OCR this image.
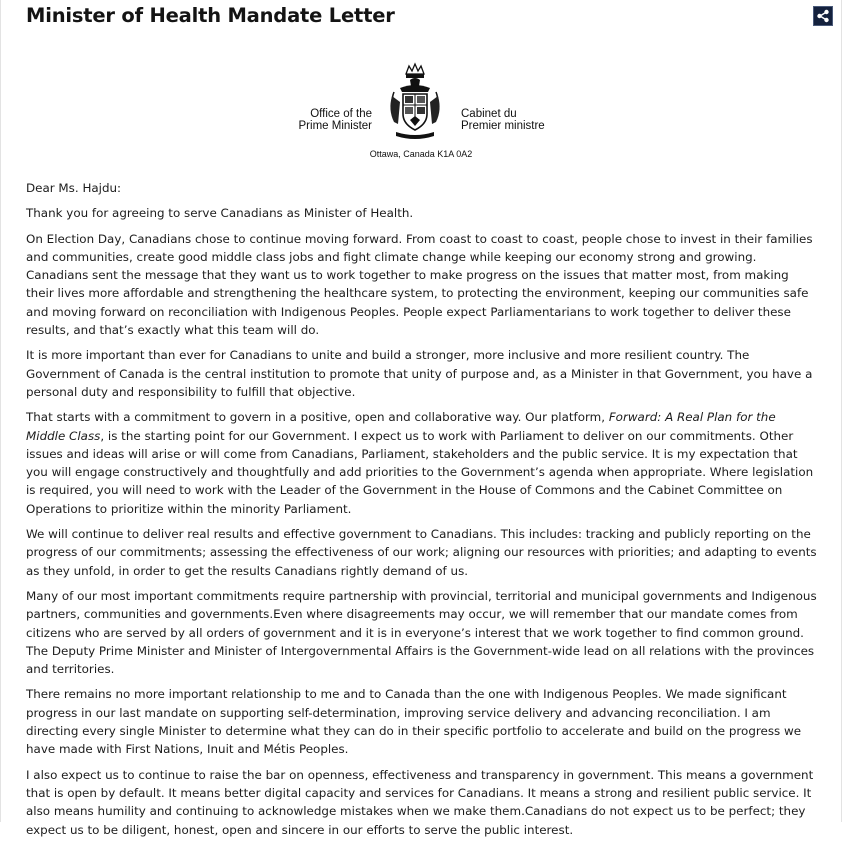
Minister of Health Mandate Letter
Office of the
Prime Minister
Cabinet du
Premier ministre
Ottawa, Canada K1A 0A2

Dear Ms. Hajdu:

Thank you for agreeing to serve Canadians as Minister of Health.

On Election Day, Canadians chose to continue moving forward. From coast to coast to coast, people chose to invest in their families and communities, create good middle class jobs and fight climate change while keeping our economy strong and growing. Canadians sent the message that they want us to work together to make progress on the issues that matter most, from making their lives more affordable and strengthening the healthcare system, to protecting the environment, keeping our communities safe and moving forward on reconciliation with Indigenous Peoples. People expect Parliamentarians to work together to deliver these results, and that’s exactly what this team will do.

It is more important than ever for Canadians to unite and build a stronger, more inclusive and more resilient country. The Government of Canada is the central institution to promote that unity of purpose and, as a Minister in that Government, you have a personal duty and responsibility to fulfill that objective.

That starts with a commitment to govern in a positive, open and collaborative way. Our platform, Forward: A Real Plan for the Middle Class, is the starting point for our Government. I expect us to work with Parliament to deliver on our commitments. Other issues and ideas will arise or will come from Canadians, Parliament, stakeholders and the public service. It is my expectation that you will engage constructively and thoughtfully and add priorities to the Government’s agenda when appropriate. Where legislation is required, you will need to work with the Leader of the Government in the House of Commons and the Cabinet Committee on Operations to prioritize within the minority Parliament.

We will continue to deliver real results and effective government to Canadians. This includes: tracking and publicly reporting on the progress of our commitments; assessing the effectiveness of our work; aligning our resources with priorities; and adapting to events as they unfold, in order to get the results Canadians rightly demand of us.

Many of our most important commitments require partnership with provincial, territorial and municipal governments and Indigenous partners, communities and governments.Even where disagreements may occur, we will remember that our mandate comes from citizens who are served by all orders of government and it is in everyone’s interest that we work together to find common ground. The Deputy Prime Minister and Minister of Intergovernmental Affairs is the Government-wide lead on all relations with the provinces and territories.

There remains no more important relationship to me and to Canada than the one with Indigenous Peoples. We made significant progress in our last mandate on supporting self-determination, improving service delivery and advancing reconciliation. I am directing every single Minister to determine what they can do in their specific portfolio to accelerate and build on the progress we have made with First Nations, Inuit and Métis Peoples.

I also expect us to continue to raise the bar on openness, effectiveness and transparency in government. This means a government that is open by default. It means better digital capacity and services for Canadians. It means a strong and resilient public service. It also means humility and continuing to acknowledge mistakes when we make them.Canadians do not expect us to be perfect; they expect us to be diligent, honest, open and sincere in our efforts to serve the public interest.
